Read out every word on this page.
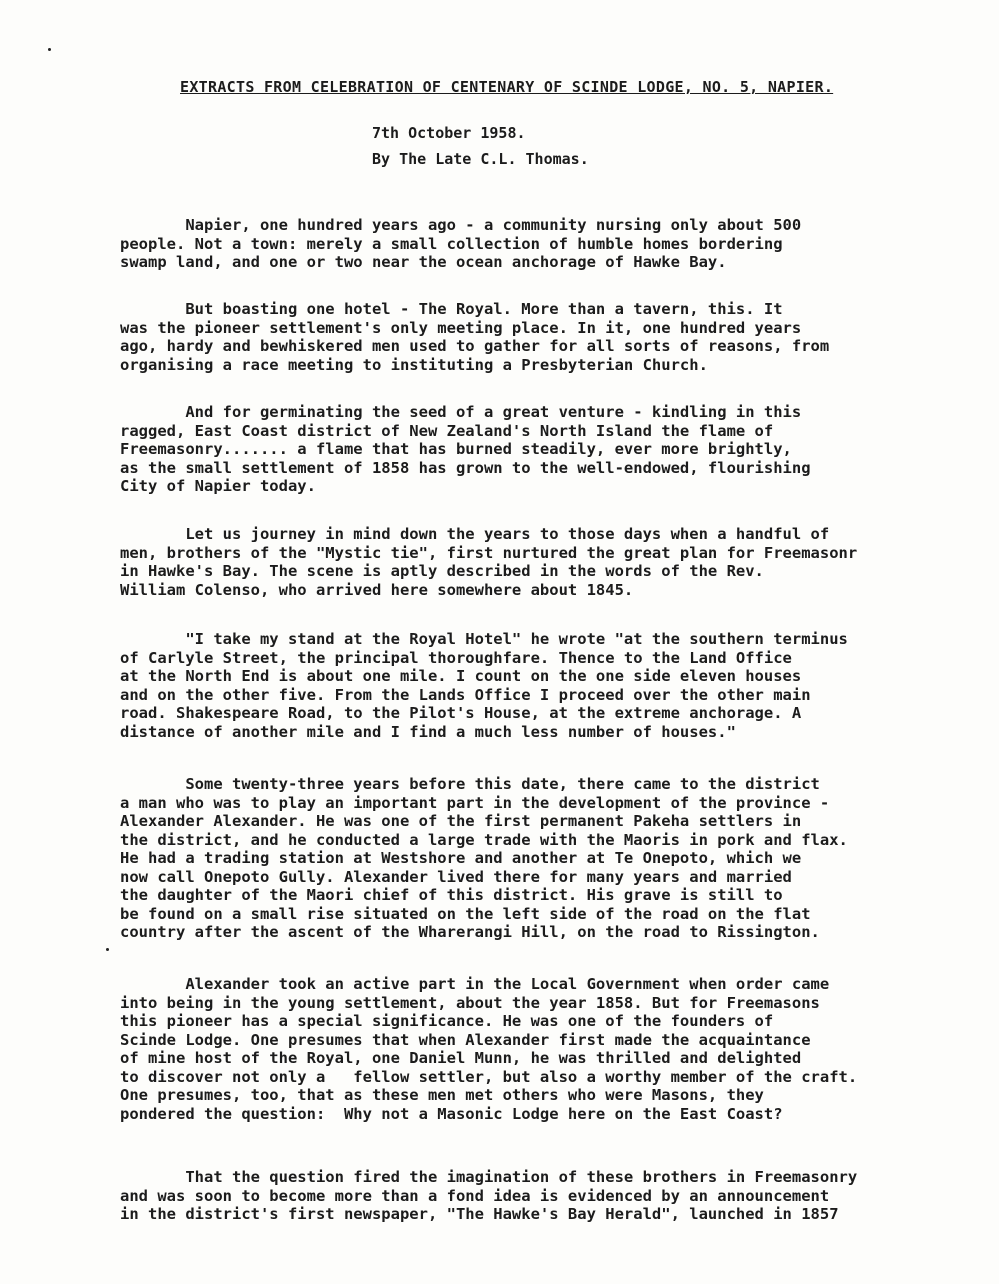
EXTRACTS FROM CELEBRATION OF CENTENARY OF SCINDE LODGE, NO. 5, NAPIER.
7th October 1958.
By The Late C.L. Thomas.
Napier, one hundred years ago - a community nursing only about 500
people. Not a town: merely a small collection of humble homes bordering
swamp land, and one or two near the ocean anchorage of Hawke Bay.
But boasting one hotel - The Royal. More than a tavern, this. It
was the pioneer settlement's only meeting place. In it, one hundred years
ago, hardy and bewhiskered men used to gather for all sorts of reasons, from
organising a race meeting to instituting a Presbyterian Church.
And for germinating the seed of a great venture - kindling in this
ragged, East Coast district of New Zealand's North Island the flame of
Freemasonry....... a flame that has burned steadily, ever more brightly,
as the small settlement of 1858 has grown to the well-endowed, flourishing
City of Napier today.
Let us journey in mind down the years to those days when a handful of
men, brothers of the "Mystic tie", first nurtured the great plan for Freemasonr
in Hawke's Bay. The scene is aptly described in the words of the Rev.
William Colenso, who arrived here somewhere about 1845.
"I take my stand at the Royal Hotel" he wrote "at the southern terminus
of Carlyle Street, the principal thoroughfare. Thence to the Land Office
at the North End is about one mile. I count on the one side eleven houses
and on the other five. From the Lands Office I proceed over the other main
road. Shakespeare Road, to the Pilot's House, at the extreme anchorage. A
distance of another mile and I find a much less number of houses."
Some twenty-three years before this date, there came to the district
a man who was to play an important part in the development of the province -
Alexander Alexander. He was one of the first permanent Pakeha settlers in
the district, and he conducted a large trade with the Maoris in pork and flax.
He had a trading station at Westshore and another at Te Onepoto, which we
now call Onepoto Gully. Alexander lived there for many years and married
the daughter of the Maori chief of this district. His grave is still to
be found on a small rise situated on the left side of the road on the flat
country after the ascent of the Wharerangi Hill, on the road to Rissington.
Alexander took an active part in the Local Government when order came
into being in the young settlement, about the year 1858. But for Freemasons
this pioneer has a special significance. He was one of the founders of
Scinde Lodge. One presumes that when Alexander first made the acquaintance
of mine host of the Royal, one Daniel Munn, he was thrilled and delighted
to discover not only a   fellow settler, but also a worthy member of the craft.
One presumes, too, that as these men met others who were Masons, they
pondered the question:  Why not a Masonic Lodge here on the East Coast?
That the question fired the imagination of these brothers in Freemasonry
and was soon to become more than a fond idea is evidenced by an announcement
in the district's first newspaper, "The Hawke's Bay Herald", launched in 1857
